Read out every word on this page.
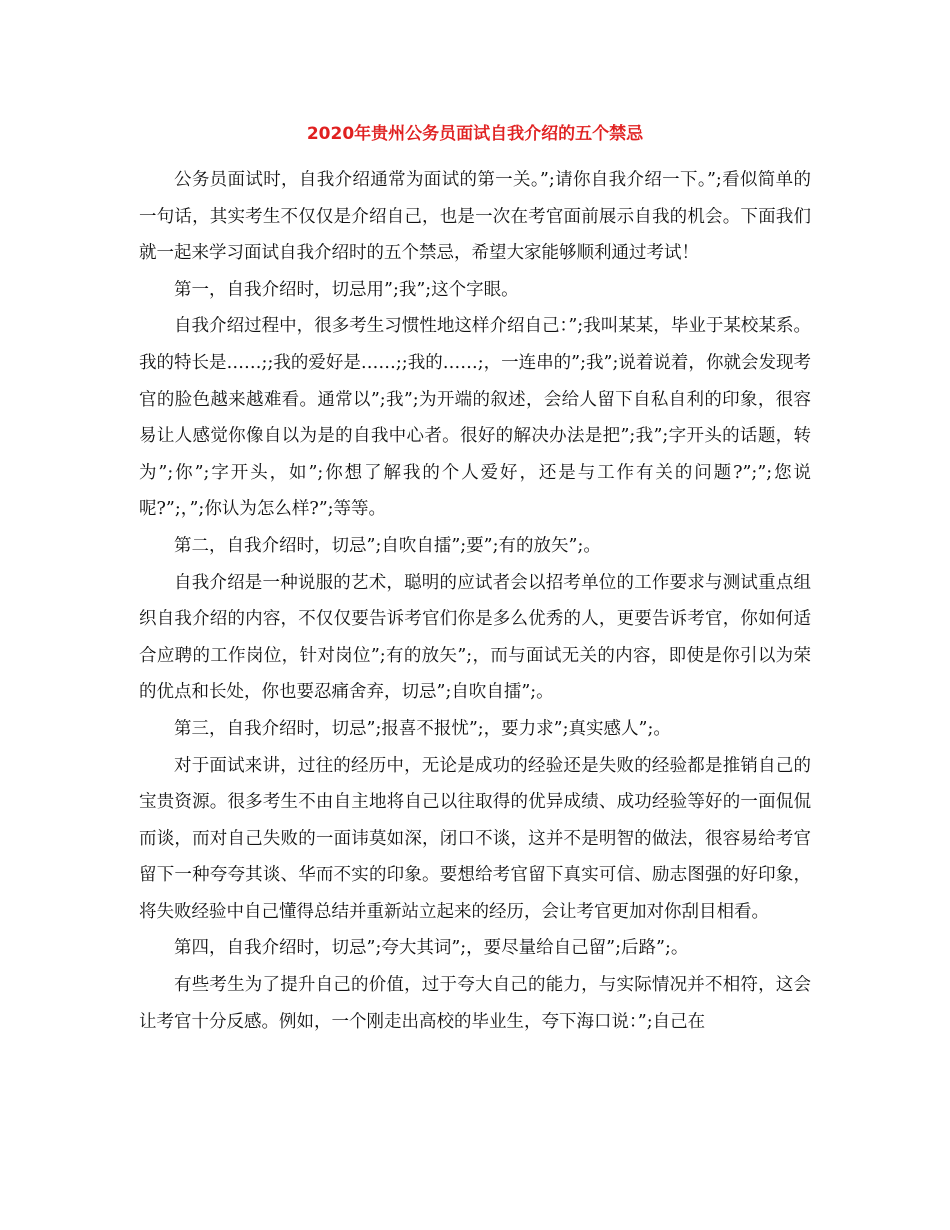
2020年贵州公务员面试自我介绍的五个禁忌

公务员面试时，自我介绍通常为面试的第一关。”;请你自我介绍一下。”;看似简单的一句话，其实考生不仅仅是介绍自己，也是一次在考官面前展示自我的机会。下面我们就一起来学习面试自我介绍时的五个禁忌，希望大家能够顺利通过考试！

第一，自我介绍时，切忌用”;我”;这个字眼。

自我介绍过程中，很多考生习惯性地这样介绍自己：”;我叫某某，毕业于某校某系。我的特长是……;;我的爱好是……;;我的……;，一连串的”;我”;说着说着，你就会发现考官的脸色越来越难看。通常以”;我”;为开端的叙述，会给人留下自私自利的印象，很容易让人感觉你像自以为是的自我中心者。很好的解决办法是把”;我”;字开头的话题，转为”;你”;字开头，如”;你想了解我的个人爱好，还是与工作有关的问题?”;”;您说呢?”;，”;你认为怎么样?”;等等。

第二，自我介绍时，切忌”;自吹自擂”;要”;有的放矢”;。

自我介绍是一种说服的艺术，聪明的应试者会以招考单位的工作要求与测试重点组织自我介绍的内容，不仅仅要告诉考官们你是多么优秀的人，更要告诉考官，你如何适合应聘的工作岗位，针对岗位”;有的放矢”;，而与面试无关的内容，即使是你引以为荣的优点和长处，你也要忍痛舍弃，切忌”;自吹自擂”;。

第三，自我介绍时，切忌”;报喜不报忧”;，要力求”;真实感人”;。

对于面试来讲，过往的经历中，无论是成功的经验还是失败的经验都是推销自己的宝贵资源。很多考生不由自主地将自己以往取得的优异成绩、成功经验等好的一面侃侃而谈，而对自己失败的一面讳莫如深，闭口不谈，这并不是明智的做法，很容易给考官留下一种夸夸其谈、华而不实的印象。要想给考官留下真实可信、励志图强的好印象，将失败经验中自己懂得总结并重新站立起来的经历，会让考官更加对你刮目相看。

第四，自我介绍时，切忌”;夸大其词”;，要尽量给自己留”;后路”;。

有些考生为了提升自己的价值，过于夸大自己的能力，与实际情况并不相符，这会让考官十分反感。例如，一个刚走出高校的毕业生，夸下海口说：”;自己在
